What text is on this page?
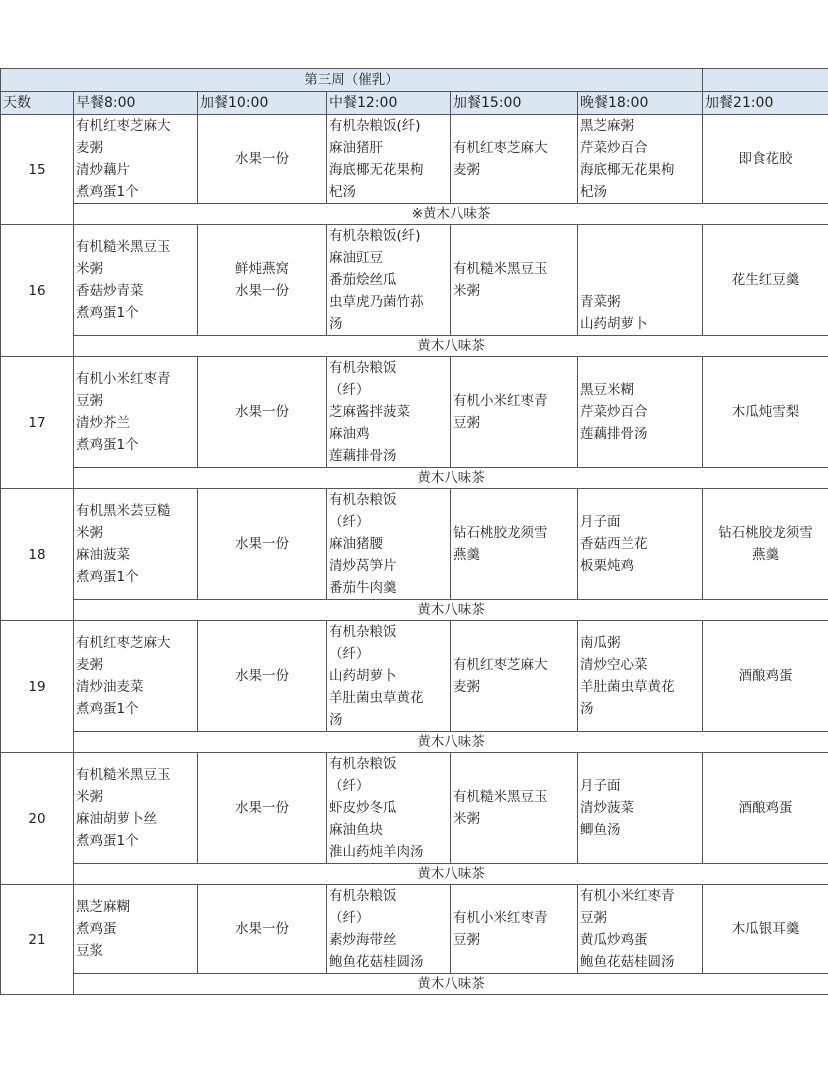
第三周（催乳）						
天数	早餐8:00	加餐10:00	中餐12:00	加餐15:00	晚餐18:00	加餐21:00
15	有机红枣芝麻大
麦粥
清炒藕片
煮鸡蛋1个	水果一份	有机杂粮饭(纤)
麻油猪肝
海底椰无花果枸
杞汤	有机红枣芝麻大
麦粥	黑芝麻粥
芹菜炒百合
海底椰无花果枸
杞汤	即食花胶

	※黄木八味茶					
16	有机糙米黑豆玉
米粥
香菇炒青菜
煮鸡蛋1个	鲜炖燕窝
水果一份	有机杂粮饭(纤)
麻油豇豆
番茄烩丝瓜
虫草虎乃菌竹荪
汤	有机糙米黑豆玉
米粥	青菜粥
山药胡萝卜	花生红豆羹

	黄木八味茶					
17	有机小米红枣青
豆粥
清炒芥兰
煮鸡蛋1个	水果一份	有机杂粮饭
（纤）
芝麻酱拌菠菜
麻油鸡
莲藕排骨汤	有机小米红枣青
豆粥	黑豆米糊
芹菜炒百合
莲藕排骨汤	木瓜炖雪梨

	黄木八味茶					
18	有机黑米芸豆糙
米粥
麻油菠菜
煮鸡蛋1个	水果一份	有机杂粮饭
（纤）
麻油猪腰
清炒莴笋片
番茄牛肉羹	钻石桃胶龙须雪
燕羹	月子面
香菇西兰花
板栗炖鸡	钻石桃胶龙须雪
燕羹

	黄木八味茶					
19	有机红枣芝麻大
麦粥
清炒油麦菜
煮鸡蛋1个	水果一份	有机杂粮饭
（纤）
山药胡萝卜
羊肚菌虫草黄花
汤	有机红枣芝麻大
麦粥	南瓜粥
清炒空心菜
羊肚菌虫草黄花
汤	酒酿鸡蛋

	黄木八味茶					
20	有机糙米黑豆玉
米粥
麻油胡萝卜丝
煮鸡蛋1个	水果一份	有机杂粮饭
（纤）
虾皮炒冬瓜
麻油鱼块
淮山药炖羊肉汤	有机糙米黑豆玉
米粥	月子面
清炒菠菜
鲫鱼汤	酒酿鸡蛋

	黄木八味茶					
21	黑芝麻糊
煮鸡蛋
豆浆	水果一份	有机杂粮饭
（纤）
素炒海带丝
鲍鱼花菇桂圆汤	有机小米红枣青
豆粥	有机小米红枣青
豆粥
黄瓜炒鸡蛋
鲍鱼花菇桂圆汤	木瓜银耳羹

	黄木八味茶					
